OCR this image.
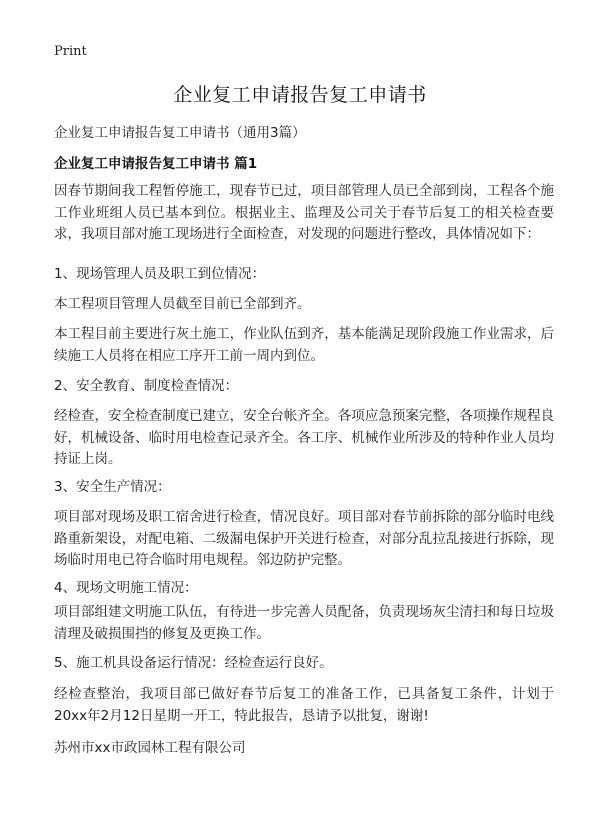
Print
企业复工申请报告复工申请书
企业复工申请报告复工申请书（通用3篇）
企业复工申请报告复工申请书 篇1
因春节期间我工程暂停施工，现春节已过，项目部管理人员已全部到岗，工程各个施工作业班组人员已基本到位。根据业主、监理及公司关于春节后复工的相关检查要求，我项目部对施工现场进行全面检查，对发现的问题进行整改，具体情况如下：
1、现场管理人员及职工到位情况：
本工程项目管理人员截至目前已全部到齐。
本工程目前主要进行灰土施工，作业队伍到齐，基本能满足现阶段施工作业需求，后续施工人员将在相应工序开工前一周内到位。
2、安全教育、制度检查情况：
经检查，安全检查制度已建立，安全台帐齐全。各项应急预案完整，各项操作规程良好，机械设备、临时用电检查记录齐全。各工序、机械作业所涉及的特种作业人员均持证上岗。
3、安全生产情况：
项目部对现场及职工宿舍进行检查，情况良好。项目部对春节前拆除的部分临时电线路重新架设，对配电箱、二级漏电保护开关进行检查，对部分乱拉乱接进行拆除，现场临时用电已符合临时用电规程。邻边防护完整。
4、现场文明施工情况：
项目部组建文明施工队伍，有待进一步完善人员配备，负责现场灰尘清扫和每日垃圾清理及破损围挡的修复及更换工作。
5、施工机具设备运行情况：经检查运行良好。
经检查整治，我项目部已做好春节后复工的准备工作，已具备复工条件，计划于20xx年2月12日星期一开工，特此报告，恳请予以批复，谢谢!
苏州市xx市政园林工程有限公司
